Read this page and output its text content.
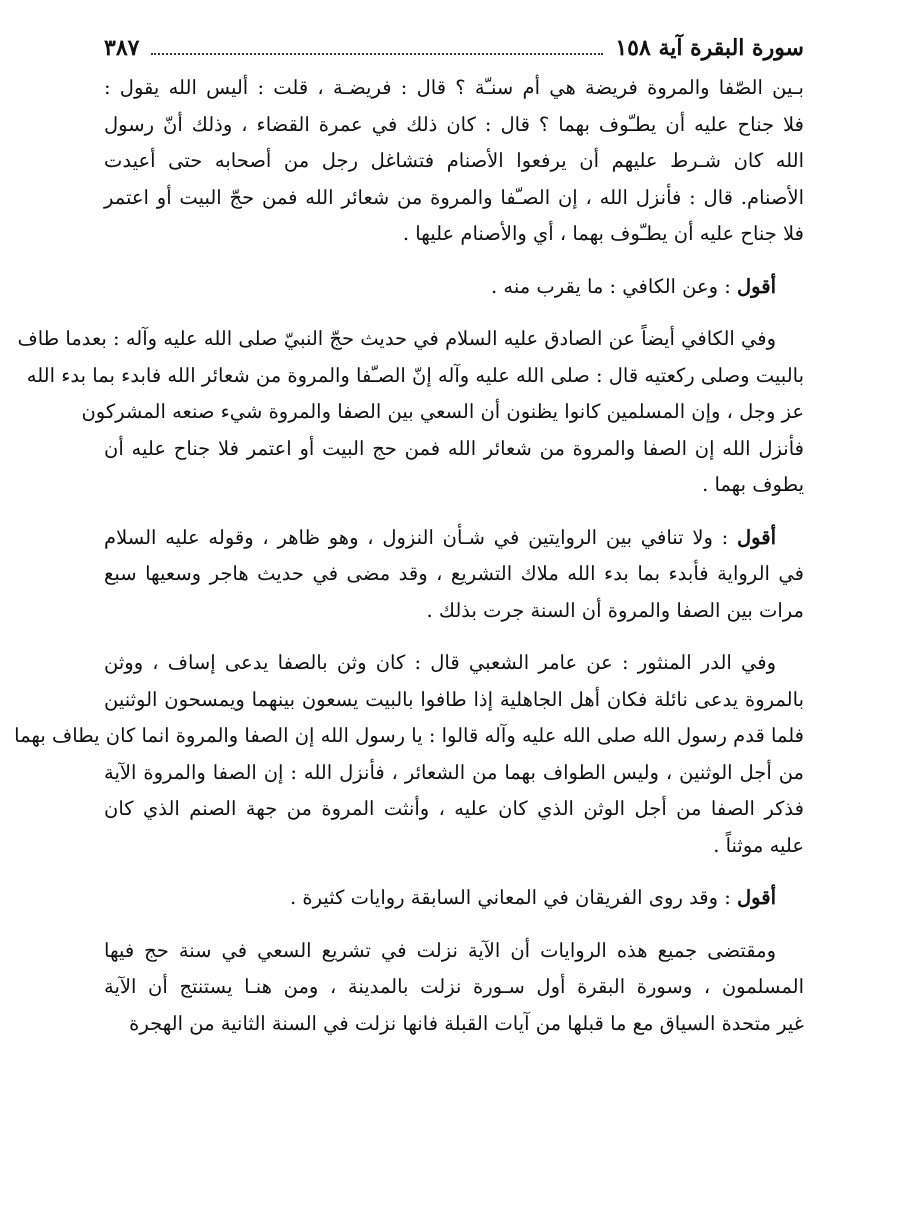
سورة البقرة آية ١٥٨
٣٨٧
بـين الصّفا والمروة فريضة هي أم سنـّة ؟ قال : فريضـة ، قلت : أليس الله يقول :
فلا جناح عليه أن يطـّوف بهما ؟ قال : كان ذلك في عمرة القضاء ، وذلك أنّ رسول
الله كان شـرط عليهم أن يرفعوا الأصنام فتشاغل رجل من أصحابه حتى أعيدت
الأصنام. قال : فأنزل الله ، إن الصـّفا والمروة من شعائر الله فمن حجّ البيت أو اعتمر
فلا جناح عليه أن يطـّوف بهما ، أي والأصنام عليها .
أقول : وعن الكافي : ما يقرب منه .
وفي الكافي أيضاً عن الصادق عليه السلام في حديث حجّ النبيّ صلى الله عليه وآله : بعدما طاف
بالبيت وصلى ركعتيه قال : صلى الله عليه وآله إنّ الصـّفا والمروة من شعائر الله فابدء بما بدء الله
عز وجل ، وإن المسلمين كانوا يظنون أن السعي بين الصفا والمروة شيء صنعه المشركون
فأنزل الله إن الصفا والمروة من شعائر الله فمن حج البيت أو اعتمر فلا جناح عليه أن
يطوف بهما .
أقول : ولا تنافي بين الروايتين في شـأن النزول ، وهو ظاهر ، وقوله عليه السلام
في الرواية فأبدء بما بدء الله ملاك التشريع ، وقد مضى في حديث هاجر وسعيها سبع
مرات بين الصفا والمروة أن السنة جرت بذلك .
وفي الدر المنثور : عن عامر الشعبي قال : كان وثن بالصفا يدعى إساف ، ووثن
بالمروة يدعى نائلة فكان أهل الجاهلية إذا طافوا بالبيت يسعون بينهما ويمسحون الوثنين
فلما قدم رسول الله صلى الله عليه وآله قالوا : يا رسول الله إن الصفا والمروة انما كان يطاف بهما
من أجل الوثنين ، وليس الطواف بهما من الشعائر ، فأنزل الله : إن الصفا والمروة الآية
فذكر الصفا من أجل الوثن الذي كان عليه ، وأنثت المروة من جهة الصنم الذي كان
عليه موثناً .
أقول : وقد روى الفريقان في المعاني السابقة روايات كثيرة .
ومقتضى جميع هذه الروايات أن الآية نزلت في تشريع السعي في سنة حج فيها
المسلمون ، وسورة البقرة أول سـورة نزلت بالمدينة ، ومن هنـا يستنتج أن الآية
غير متحدة السياق مع ما قبلها من آيات القبلة فانها نزلت في السنة الثانية من الهجرة
